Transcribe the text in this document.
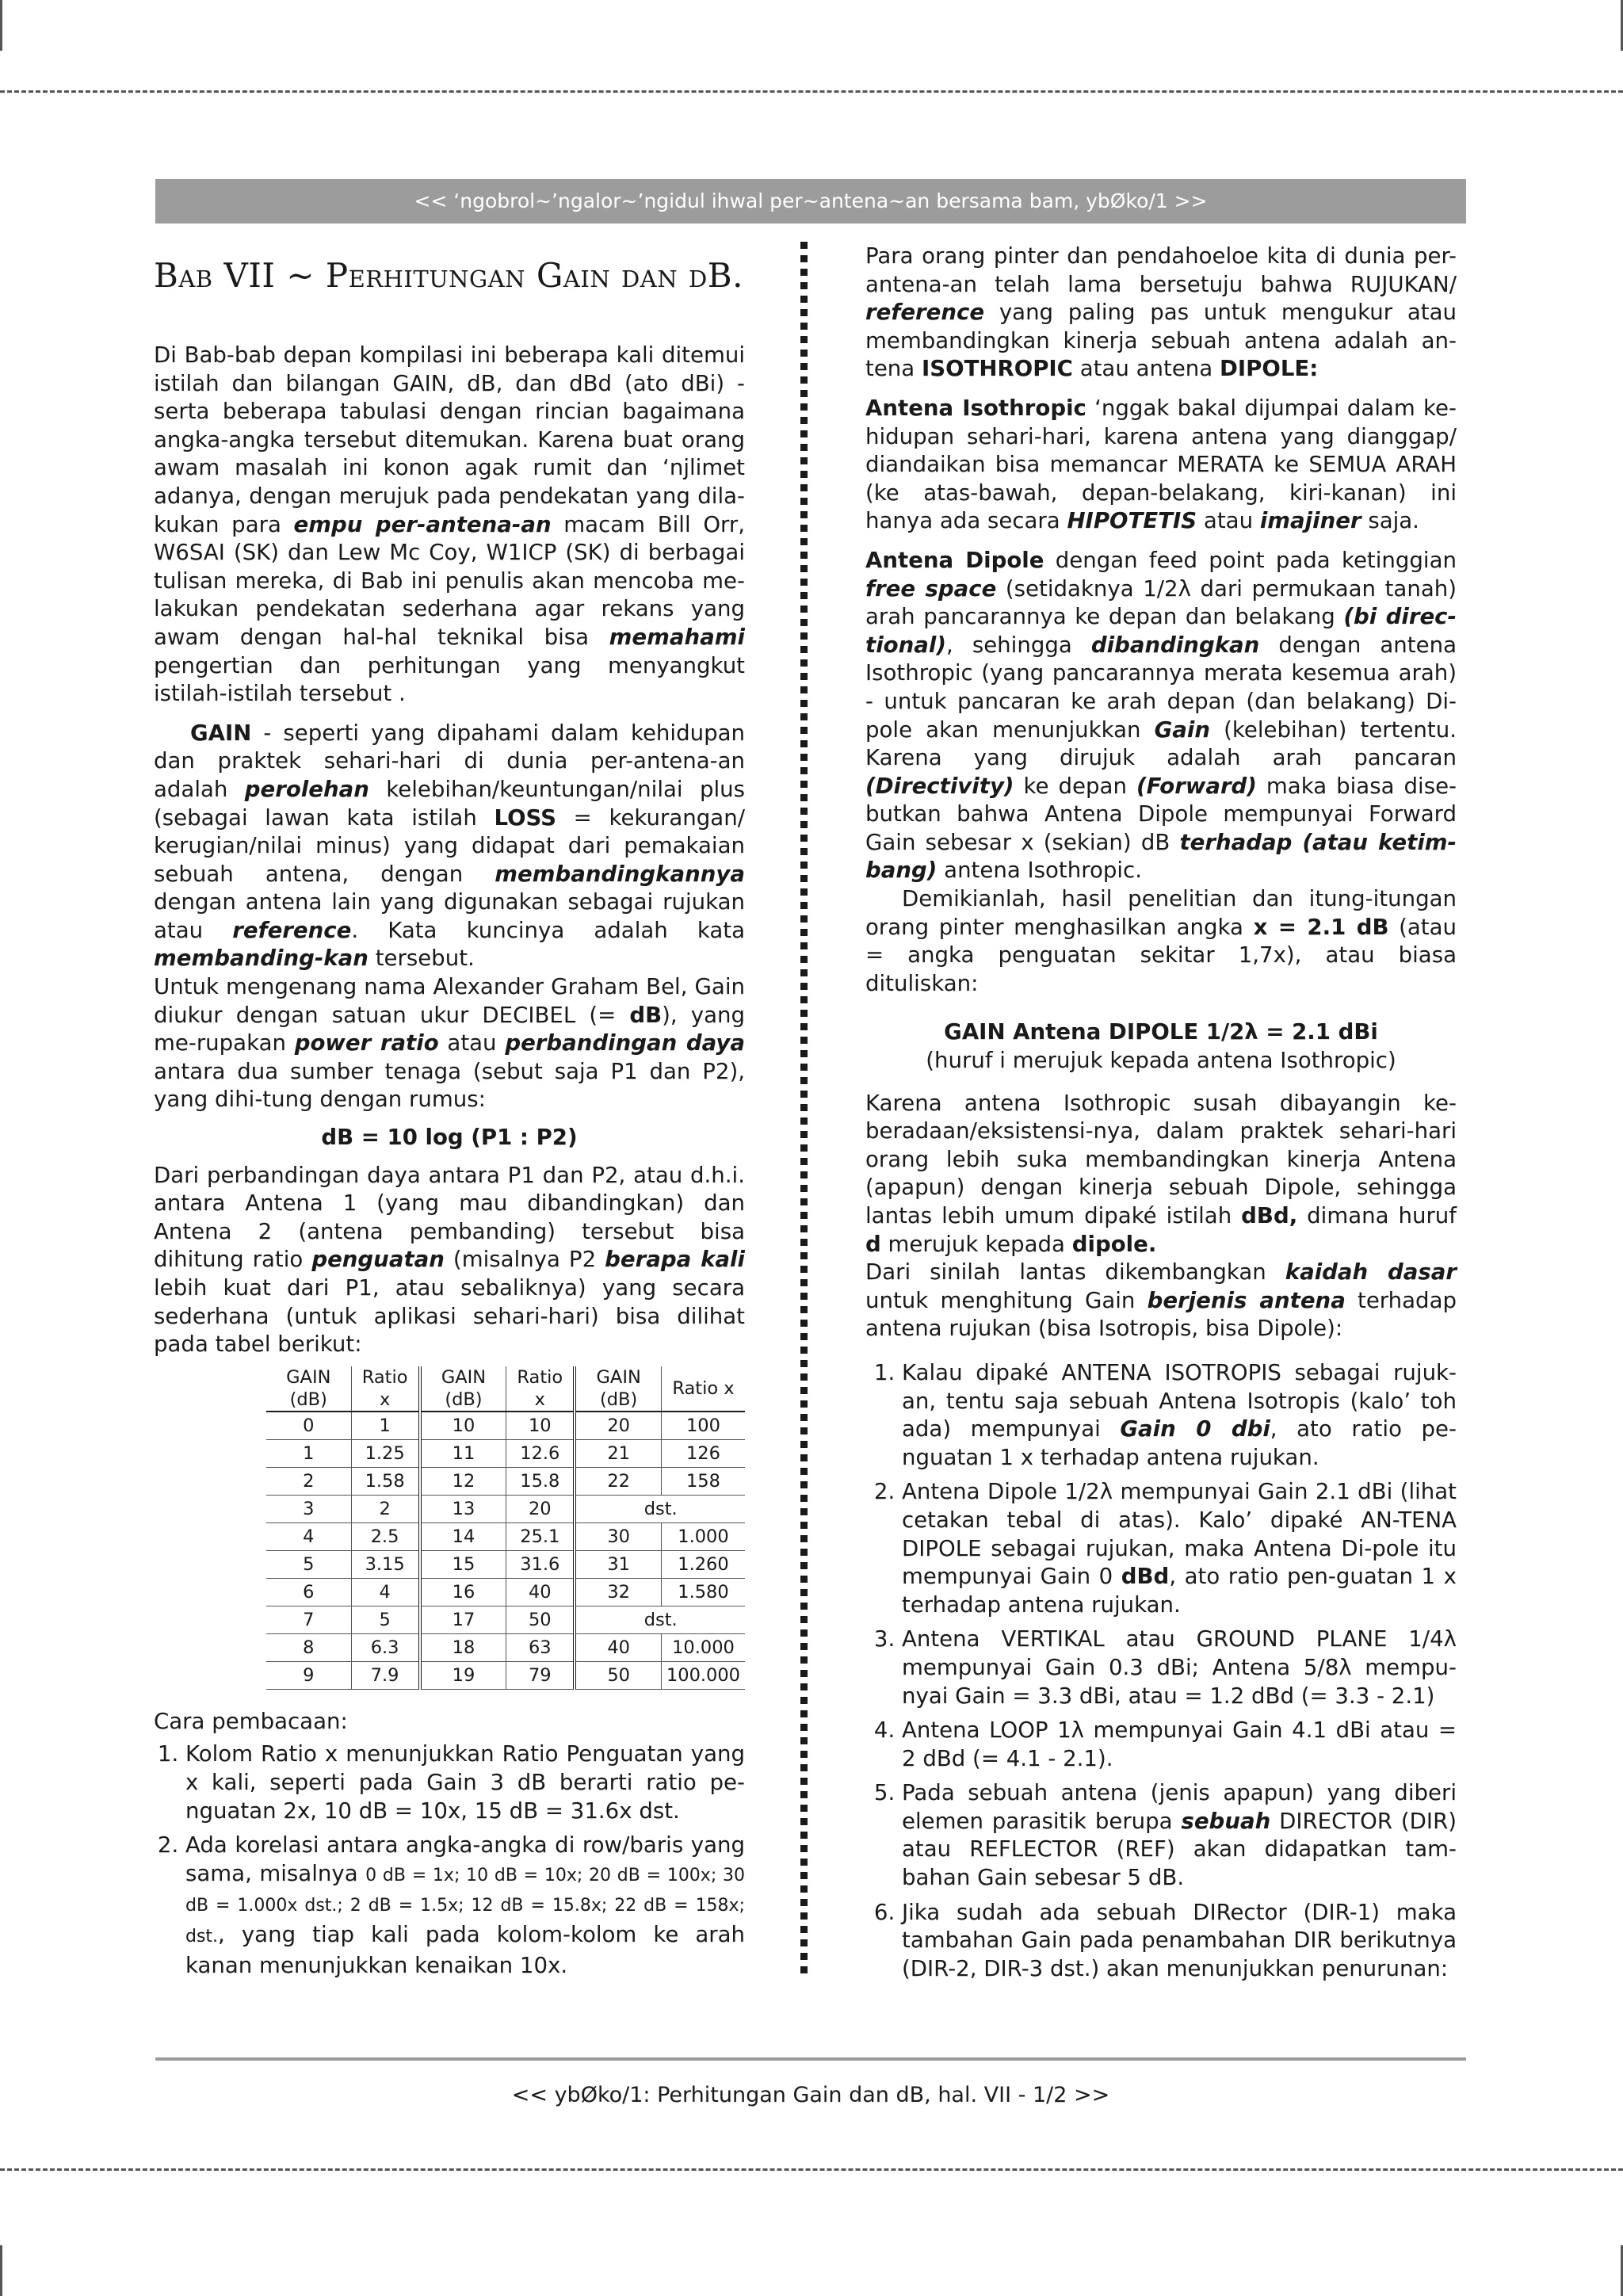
<< ‘ngobrol~’ngalor~’ngidul ihwal per~antena~an bersama bam, ybØko/1 >>
Bab VII ~ Perhitungan Gain dan dB.

Di Bab-bab depan kompilasi ini beberapa kali ditemui istilah dan bilangan GAIN, dB, dan dBd (ato dBi) - serta beberapa tabulasi dengan rincian bagaimana angka-angka tersebut ditemukan. Karena buat orang awam masalah ini konon agak rumit dan ‘njlimet adanya, dengan merujuk pada pendekatan yang dila-kukan para empu per-antena-an macam Bill Orr, W6SAI (SK) dan Lew Mc Coy, W1ICP (SK) di berbagai tulisan mereka, di Bab ini penulis akan mencoba me-lakukan pendekatan sederhana agar rekans yang awam dengan hal-hal teknikal bisa memahami pengertian dan perhitungan yang menyangkut istilah-istilah tersebut .

GAIN - seperti yang dipahami dalam kehidupan dan praktek sehari-hari di dunia per-antena-an adalah perolehan kelebihan/keuntungan/nilai plus (sebagai lawan kata istilah LOSS = kekurangan/ kerugian/nilai minus) yang didapat dari pemakaian sebuah antena, dengan membandingkannya dengan antena lain yang digunakan sebagai rujukan atau reference. Kata kuncinya adalah kata membanding-kan tersebut.

Untuk mengenang nama Alexander Graham Bel, Gain diukur dengan satuan ukur DECIBEL (= dB), yang me-rupakan power ratio atau perbandingan daya antara dua sumber tenaga (sebut saja P1 dan P2), yang dihi-tung dengan rumus:

dB = 10 log (P1 : P2)

Dari perbandingan daya antara P1 dan P2, atau d.h.i. antara Antena 1 (yang mau dibandingkan) dan Antena 2 (antena pembanding) tersebut bisa dihitung ratio penguatan (misalnya P2 berapa kali lebih kuat dari P1, atau sebaliknya) yang secara sederhana (untuk aplikasi sehari-hari) bisa dilihat pada tabel berikut:

GAIN (dB)	Ratio x	GAIN (dB)	Ratio x	GAIN (dB)	Ratio x
0	1	10	10	20	100
1	1.25	11	12.6	21	126
2	1.58	12	15.8	22	158
3	2	13	20	dst.	
4	2.5	14	25.1	30	1.000
5	3.15	15	31.6	31	1.260
6	4	16	40	32	1.580
7	5	17	50	dst.	
8	6.3	18	63	40	10.000
9	7.9	19	79	50	100.000

Cara pembacaan:

1. Kolom Ratio x menunjukkan Ratio Penguatan yang x kali, seperti pada Gain 3 dB berarti ratio pe-nguatan 2x, 10 dB = 10x, 15 dB = 31.6x dst.
2. Ada korelasi antara angka-angka di row/baris yang sama, misalnya 0 dB = 1x; 10 dB = 10x; 20 dB = 100x; 30 dB = 1.000x dst.; 2 dB = 1.5x; 12 dB = 15.8x; 22 dB = 158x; dst., yang tiap kali pada kolom-kolom ke arah kanan menunjukkan kenaikan 10x.

Para orang pinter dan pendahoeloe kita di dunia per-antena-an telah lama bersetuju bahwa RUJUKAN/ reference yang paling pas untuk mengukur atau membandingkan kinerja sebuah antena adalah an-tena ISOTHROPIC atau antena DIPOLE:

Antena Isothropic ‘nggak bakal dijumpai dalam ke-hidupan sehari-hari, karena antena yang dianggap/ diandaikan bisa memancar MERATA ke SEMUA ARAH (ke atas-bawah, depan-belakang, kiri-kanan) ini hanya ada secara HIPOTETIS atau imajiner saja.

Antena Dipole dengan feed point pada ketinggian free space (setidaknya 1/2λ dari permukaan tanah) arah pancarannya ke depan dan belakang (bi direc-tional), sehingga dibandingkan dengan antena Isothropic (yang pancarannya merata kesemua arah) - untuk pancaran ke arah depan (dan belakang) Di-pole akan menunjukkan Gain (kelebihan) tertentu. Karena yang dirujuk adalah arah pancaran (Directivity) ke depan (Forward) maka biasa dise-butkan bahwa Antena Dipole mempunyai Forward Gain sebesar x (sekian) dB terhadap (atau ketim-bang) antena Isothropic.

Demikianlah, hasil penelitian dan itung-itungan orang pinter menghasilkan angka x = 2.1 dB (atau = angka penguatan sekitar 1,7x), atau biasa dituliskan:

GAIN Antena DIPOLE 1/2λ = 2.1 dBi

(huruf i merujuk kepada antena Isothropic)

Karena antena Isothropic susah dibayangin ke-beradaan/eksistensi-nya, dalam praktek sehari-hari orang lebih suka membandingkan kinerja Antena (apapun) dengan kinerja sebuah Dipole, sehingga lantas lebih umum dipaké istilah dBd, dimana huruf d merujuk kepada dipole.

Dari sinilah lantas dikembangkan kaidah dasar untuk menghitung Gain berjenis antena terhadap antena rujukan (bisa Isotropis, bisa Dipole):

1. Kalau dipaké ANTENA ISOTROPIS sebagai rujuk-an, tentu saja sebuah Antena Isotropis (kalo’ toh ada) mempunyai Gain 0 dbi, ato ratio pe-nguatan 1 x terhadap antena rujukan.
2. Antena Dipole 1/2λ mempunyai Gain 2.1 dBi (lihat cetakan tebal di atas). Kalo’ dipaké AN-TENA DIPOLE sebagai rujukan, maka Antena Di-pole itu mempunyai Gain 0 dBd, ato ratio pen-guatan 1 x terhadap antena rujukan.
3. Antena VERTIKAL atau GROUND PLANE 1/4λ mempunyai Gain 0.3 dBi; Antena 5/8λ mempu-nyai Gain = 3.3 dBi, atau = 1.2 dBd (= 3.3 - 2.1)
4. Antena LOOP 1λ mempunyai Gain 4.1 dBi atau = 2 dBd (= 4.1 - 2.1).
5. Pada sebuah antena (jenis apapun) yang diberi elemen parasitik berupa sebuah DIRECTOR (DIR) atau REFLECTOR (REF) akan didapatkan tam-bahan Gain sebesar 5 dB.
6. Jika sudah ada sebuah DIRector (DIR-1) maka tambahan Gain pada penambahan DIR berikutnya (DIR-2, DIR-3 dst.) akan menunjukkan penurunan:
<< ybØko/1: Perhitungan Gain dan dB, hal. VII - 1/2 >>
